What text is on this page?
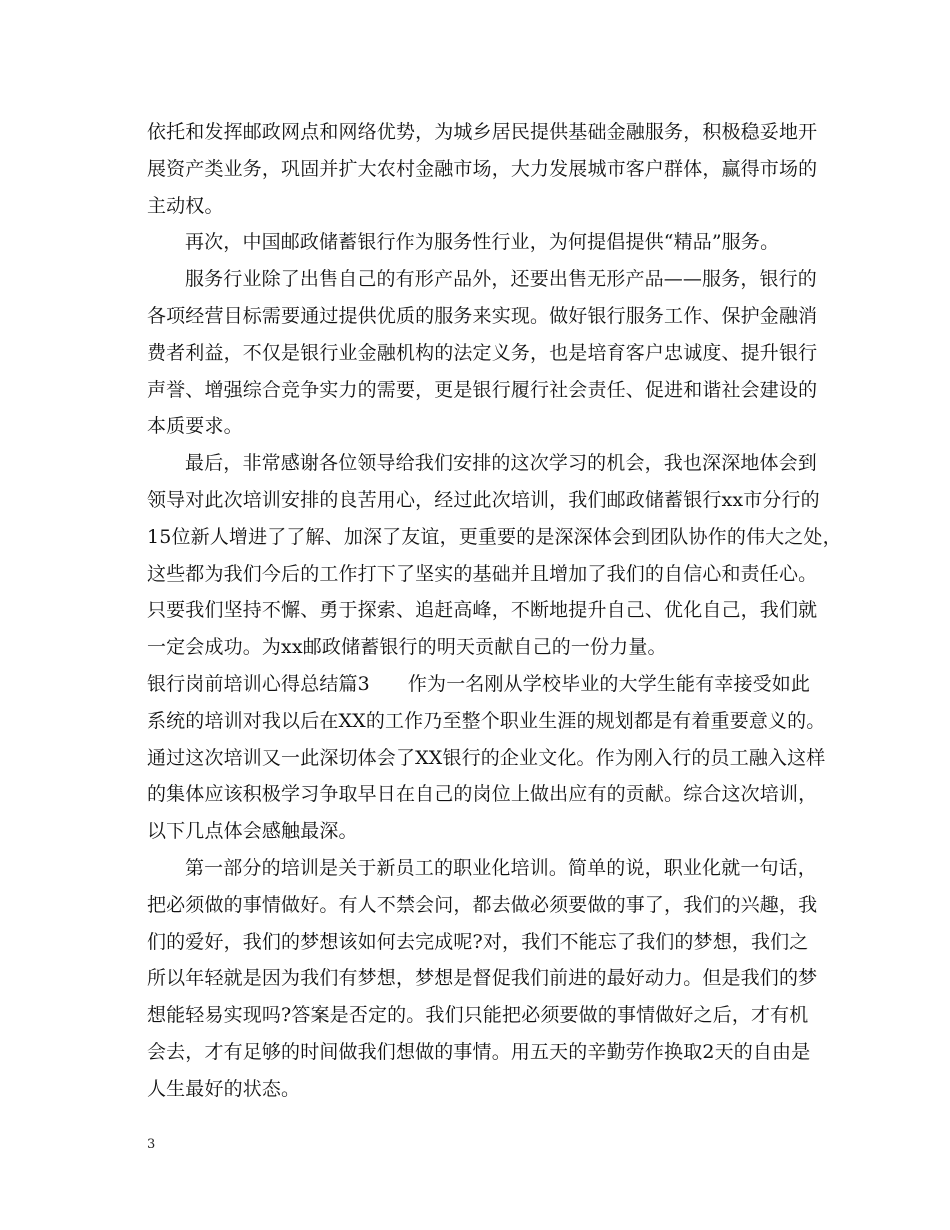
依托和发挥邮政网点和网络优势，为城乡居民提供基础金融服务，积极稳妥地开
展资产类业务，巩固并扩大农村金融市场，大力发展城市客户群体，赢得市场的
主动权。
再次，中国邮政储蓄银行作为服务性行业，为何提倡提供“精品”服务。
服务行业除了出售自己的有形产品外，还要出售无形产品——服务，银行的
各项经营目标需要通过提供优质的服务来实现。做好银行服务工作、保护金融消
费者利益，不仅是银行业金融机构的法定义务，也是培育客户忠诚度、提升银行
声誉、增强综合竞争实力的需要，更是银行履行社会责任、促进和谐社会建设的
本质要求。
最后，非常感谢各位领导给我们安排的这次学习的机会，我也深深地体会到
领导对此次培训安排的良苦用心，经过此次培训，我们邮政储蓄银行xx市分行的
15位新人增进了了解、加深了友谊，更重要的是深深体会到团队协作的伟大之处，
这些都为我们今后的工作打下了坚实的基础并且增加了我们的自信心和责任心。
只要我们坚持不懈、勇于探索、追赶高峰，不断地提升自己、优化自己，我们就
一定会成功。为xx邮政储蓄银行的明天贡献自己的一份力量。
银行岗前培训心得总结篇3 作为一名刚从学校毕业的大学生能有幸接受如此
系统的培训对我以后在XX的工作乃至整个职业生涯的规划都是有着重要意义的。
通过这次培训又一此深切体会了XX银行的企业文化。作为刚入行的员工融入这样
的集体应该积极学习争取早日在自己的岗位上做出应有的贡献。综合这次培训，
以下几点体会感触最深。
第一部分的培训是关于新员工的职业化培训。简单的说，职业化就一句话，
把必须做的事情做好。有人不禁会问，都去做必须要做的事了，我们的兴趣，我
们的爱好，我们的梦想该如何去完成呢?对，我们不能忘了我们的梦想，我们之
所以年轻就是因为我们有梦想，梦想是督促我们前进的最好动力。但是我们的梦
想能轻易实现吗?答案是否定的。我们只能把必须要做的事情做好之后，才有机
会去，才有足够的时间做我们想做的事情。用五天的辛勤劳作换取2天的自由是
人生最好的状态。
3
